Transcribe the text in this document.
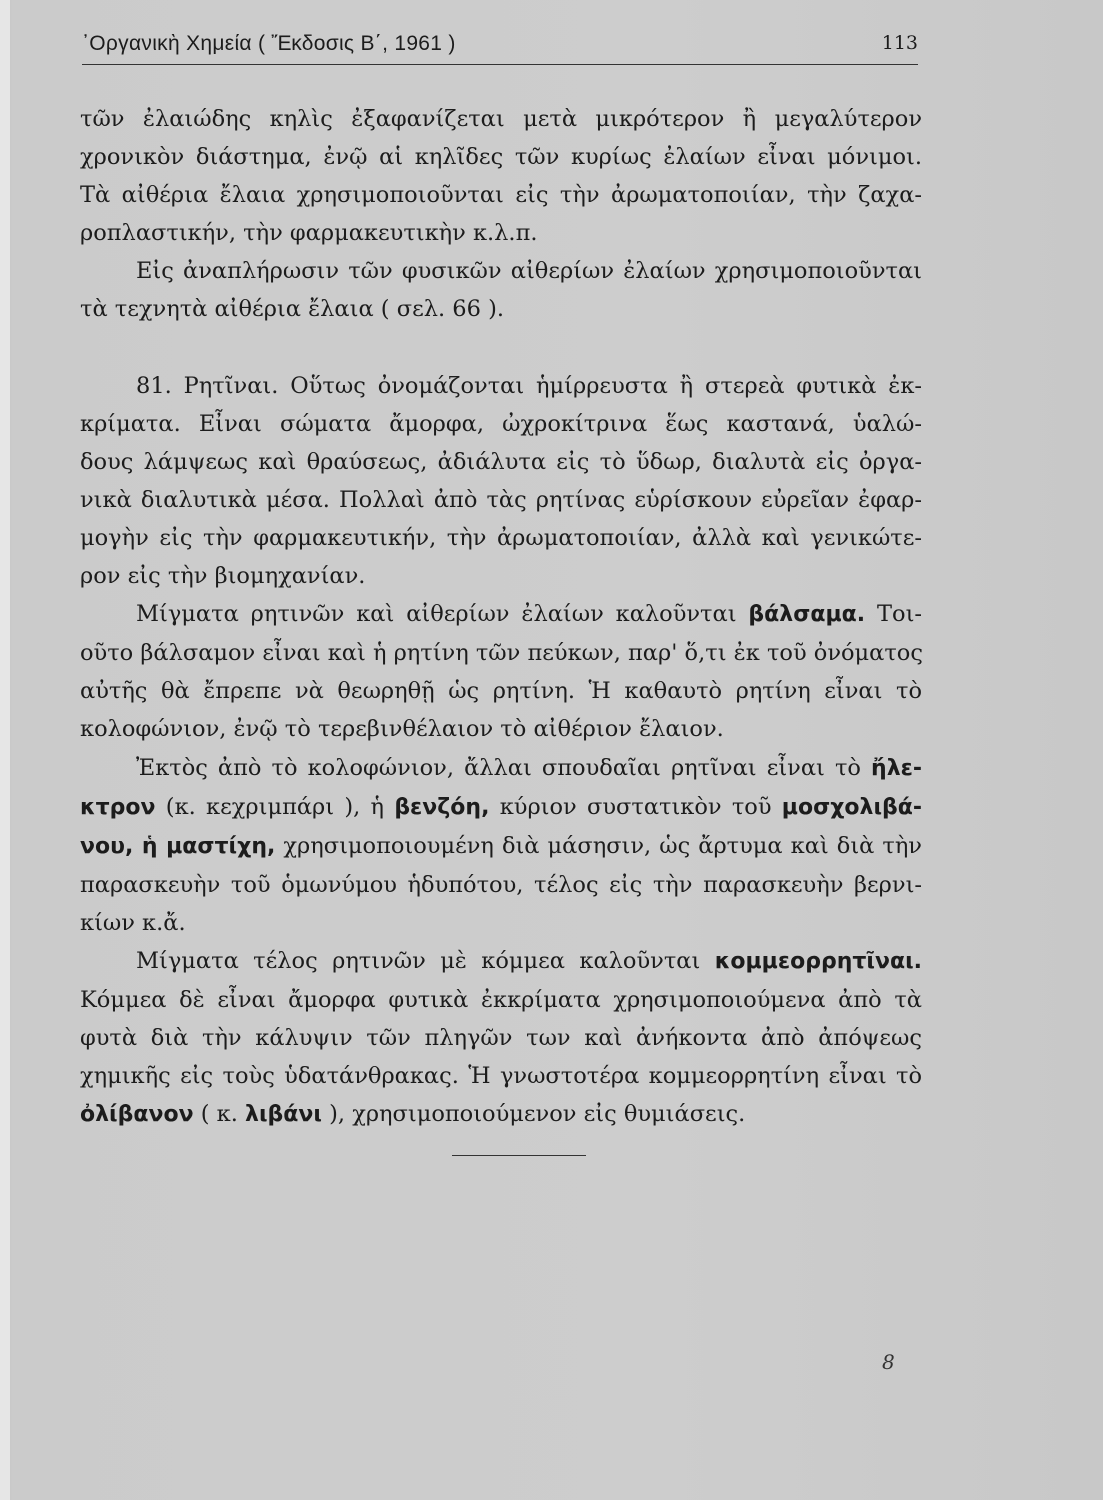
᾿Οργανικὴ Χημεία ( Ἔκδοσις Β΄, 1961 )	113
τῶν ἐλαιώδης κηλὶς ἐξαφανίζεται μετὰ μικρότερον ἢ μεγαλύτερον
χρονικὸν διάστημα, ἐνῷ αἱ κηλῖδες τῶν κυρίως ἐλαίων εἶναι μόνιμοι.
Τὰ αἰθέρια ἔλαια χρησιμοποιοῦνται εἰς τὴν ἀρωματοποιίαν, τὴν ζαχα-
ροπλαστικήν, τὴν φαρμακευτικὴν κ.λ.π.
Εἰς ἀναπλήρωσιν τῶν φυσικῶν αἰθερίων ἐλαίων χρησιμοποιοῦνται
τὰ τεχνητὰ αἰθέρια ἔλαια ( σελ. 66 ).
81. Ρητῖναι. Οὕτως ὀνομάζονται ἡμίρρευστα ἢ στερεὰ φυτικὰ ἐκ-
κρίματα. Εἶναι σώματα ἄμορφα, ὠχροκίτρινα ἕως καστανά, ὑαλώ-
δους λάμψεως καὶ θραύσεως, ἀδιάλυτα εἰς τὸ ὕδωρ, διαλυτὰ εἰς ὀργα-
νικὰ διαλυτικὰ μέσα. Πολλαὶ ἀπὸ τὰς ρητίνας εὑρίσκουν εὐρεῖαν ἐφαρ-
μογὴν εἰς τὴν φαρμακευτικήν, τὴν ἀρωματοποιίαν, ἀλλὰ καὶ γενικώτε-
ρον εἰς τὴν βιομηχανίαν.
Μίγματα ρητινῶν καὶ αἰθερίων ἐλαίων καλοῦνται βάλσαμα. Τοι-
οῦτο βάλσαμον εἶναι καὶ ἡ ρητίνη τῶν πεύκων, παρ' ὅ,τι ἐκ τοῦ ὀνόματος
αὐτῆς θὰ ἔπρεπε νὰ θεωρηθῇ ὡς ρητίνη. Ἡ καθαυτὸ ρητίνη εἶναι τὸ
κολοφώνιον, ἐνῷ τὸ τερεβινθέλαιον τὸ αἰθέριον ἔλαιον.
Ἐκτὸς ἀπὸ τὸ κολοφώνιον, ἄλλαι σπουδαῖαι ρητῖναι εἶναι τὸ ἤλε-
κτρον (κ. κεχριμπάρι ), ἡ βενζόη, κύριον συστατικὸν τοῦ μοσχολιβά-
νου, ἡ μαστίχη, χρησιμοποιουμένη διὰ μάσησιν, ὡς ἄρτυμα καὶ διὰ τὴν
παρασκευὴν τοῦ ὁμωνύμου ἡδυπότου, τέλος εἰς τὴν παρασκευὴν βερνι-
κίων κ.ἄ.
Μίγματα τέλος ρητινῶν μὲ κόμμεα καλοῦνται κομμεορρητῖναι.
Κόμμεα δὲ εἶναι ἄμορφα φυτικὰ ἐκκρίματα χρησιμοποιούμενα ἀπὸ τὰ
φυτὰ διὰ τὴν κάλυψιν τῶν πληγῶν των καὶ ἀνήκοντα ἀπὸ ἀπόψεως
χημικῆς εἰς τοὺς ὑδατάνθρακας. Ἡ γνωστοτέρα κομμεορρητίνη εἶναι τὸ
ὀλίβανον ( κ. λιβάνι ), χρησιμοποιούμενον εἰς θυμιάσεις.
8
